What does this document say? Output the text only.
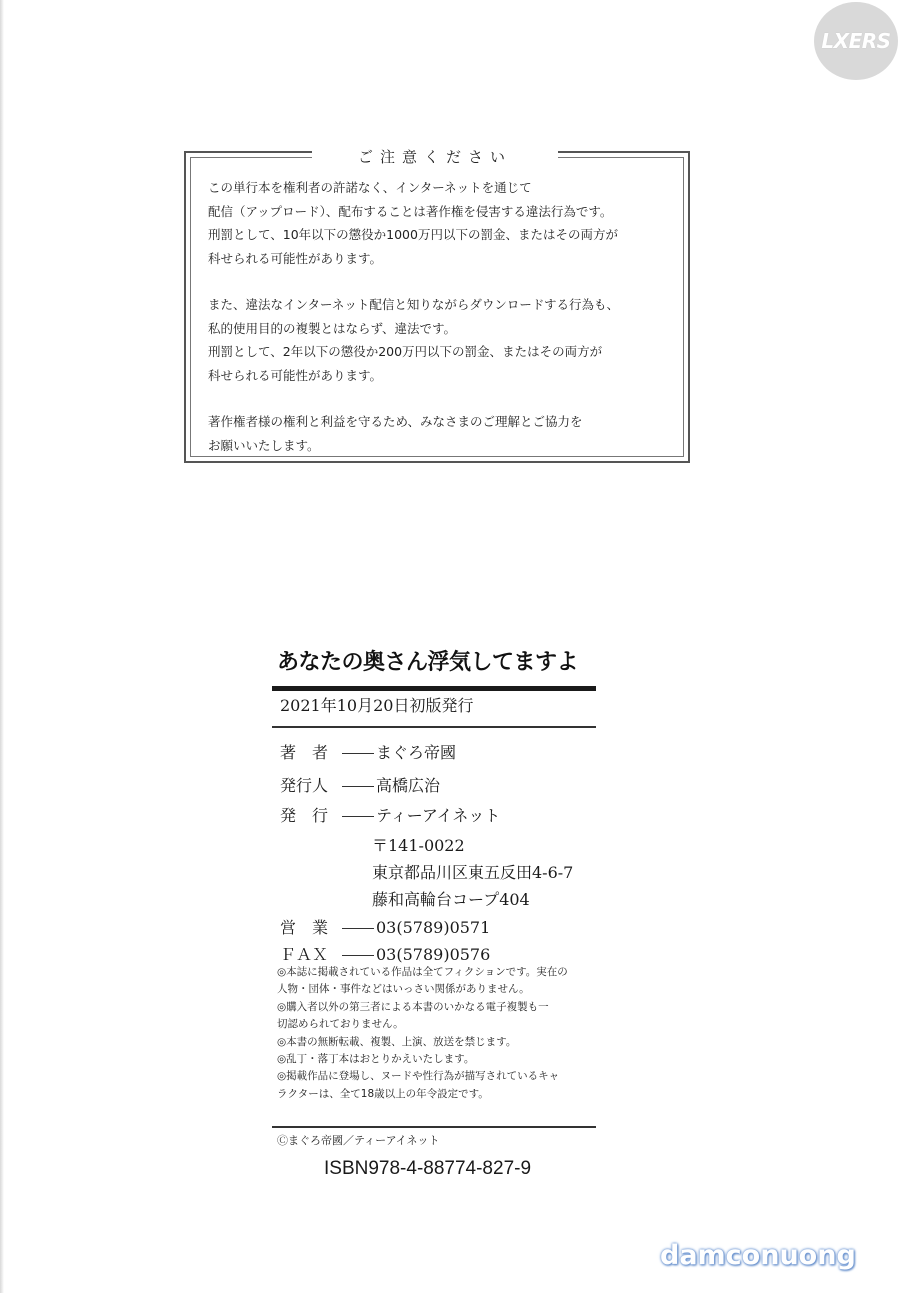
LXERS
ご注意ください

この単行本を権利者の許諾なく、インターネットを通じて

配信（アップロード）、配布することは著作権を侵害する違法行為です。

刑罰として、10年以下の懲役か1000万円以下の罰金、またはその両方が

科せられる可能性があります。

また、違法なインターネット配信と知りながらダウンロードする行為も、

私的使用目的の複製とはならず、違法です。

刑罰として、2年以下の懲役か200万円以下の罰金、またはその両方が

科せられる可能性があります。

著作権者様の権利と利益を守るため、みなさまのご理解とご協力を

お願いいたします。

あなたの奥さん浮気してますよ
2021年10月20日初版発行
著　者	まぐろ帝國
発行人	高橋広治
発　行	ティーアイネット
〒141-0022
東京都品川区東五反田4-6-7
藤和高輪台コープ404
営　業	03(5789)0571
ＦＡＸ	03(5789)0576

◎本誌に掲載されている作品は全てフィクションです。実在の

人物・団体・事件などはいっさい関係がありません。

◎購入者以外の第三者による本書のいかなる電子複製も一

切認められておりません。

◎本書の無断転載、複製、上演、放送を禁じます。

◎乱丁・落丁本はおとりかえいたします。

◎掲載作品に登場し、ヌードや性行為が描写されているキャ

ラクターは、全て18歳以上の年令設定です。

Ⓒまぐろ帝國／ティーアイネット
ISBN978-4-88774-827-9
damconuong
